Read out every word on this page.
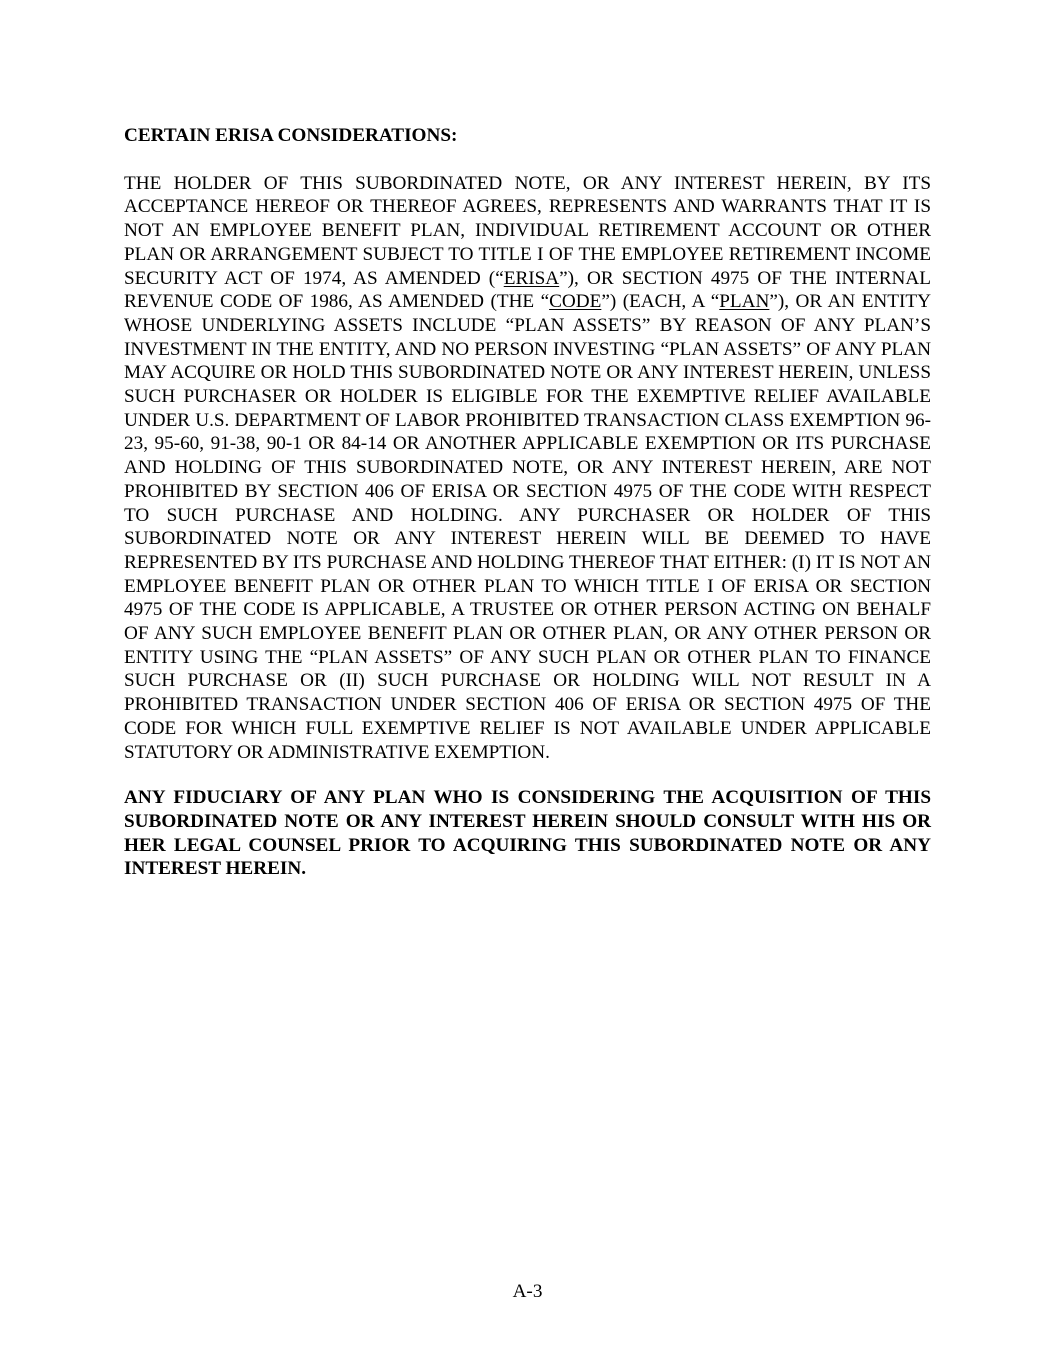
CERTAIN ERISA CONSIDERATIONS:

THE HOLDER OF THIS SUBORDINATED NOTE, OR ANY INTEREST HEREIN, BY ITS ACCEPTANCE HEREOF OR THEREOF AGREES, REPRESENTS AND WARRANTS THAT IT IS NOT AN EMPLOYEE BENEFIT PLAN, INDIVIDUAL RETIREMENT ACCOUNT OR OTHER PLAN OR ARRANGEMENT SUBJECT TO TITLE I OF THE EMPLOYEE RETIREMENT INCOME SECURITY ACT OF 1974, AS AMENDED (“ERISA”), OR SECTION 4975 OF THE INTERNAL REVENUE CODE OF 1986, AS AMENDED (THE “CODE”) (EACH, A “PLAN”), OR AN ENTITY WHOSE UNDERLYING ASSETS INCLUDE “PLAN ASSETS” BY REASON OF ANY PLAN’S INVESTMENT IN THE ENTITY, AND NO PERSON INVESTING “PLAN ASSETS” OF ANY PLAN MAY ACQUIRE OR HOLD THIS SUBORDINATED NOTE OR ANY INTEREST HEREIN, UNLESS SUCH PURCHASER OR HOLDER IS ELIGIBLE FOR THE EXEMPTIVE RELIEF AVAILABLE UNDER U.S. DEPARTMENT OF LABOR PROHIBITED TRANSACTION CLASS EXEMPTION 96-23, 95-60, 91-38, 90-1 OR 84-14 OR ANOTHER APPLICABLE EXEMPTION OR ITS PURCHASE AND HOLDING OF THIS SUBORDINATED NOTE, OR ANY INTEREST HEREIN, ARE NOT PROHIBITED BY SECTION 406 OF ERISA OR SECTION 4975 OF THE CODE WITH RESPECT TO SUCH PURCHASE AND HOLDING. ANY PURCHASER OR HOLDER OF THIS SUBORDINATED NOTE OR ANY INTEREST HEREIN WILL BE DEEMED TO HAVE REPRESENTED BY ITS PURCHASE AND HOLDING THEREOF THAT EITHER: (I) IT IS NOT AN EMPLOYEE BENEFIT PLAN OR OTHER PLAN TO WHICH TITLE I OF ERISA OR SECTION 4975 OF THE CODE IS APPLICABLE, A TRUSTEE OR OTHER PERSON ACTING ON BEHALF OF ANY SUCH EMPLOYEE BENEFIT PLAN OR OTHER PLAN, OR ANY OTHER PERSON OR ENTITY USING THE “PLAN ASSETS” OF ANY SUCH PLAN OR OTHER PLAN TO FINANCE SUCH PURCHASE OR (II) SUCH PURCHASE OR HOLDING WILL NOT RESULT IN A PROHIBITED TRANSACTION UNDER SECTION 406 OF ERISA OR SECTION 4975 OF THE CODE FOR WHICH FULL EXEMPTIVE RELIEF IS NOT AVAILABLE UNDER APPLICABLE STATUTORY OR ADMINISTRATIVE EXEMPTION.

ANY FIDUCIARY OF ANY PLAN WHO IS CONSIDERING THE ACQUISITION OF THIS SUBORDINATED NOTE OR ANY INTEREST HEREIN SHOULD CONSULT WITH HIS OR HER LEGAL COUNSEL PRIOR TO ACQUIRING THIS SUBORDINATED NOTE OR ANY INTEREST HEREIN.

A-3
